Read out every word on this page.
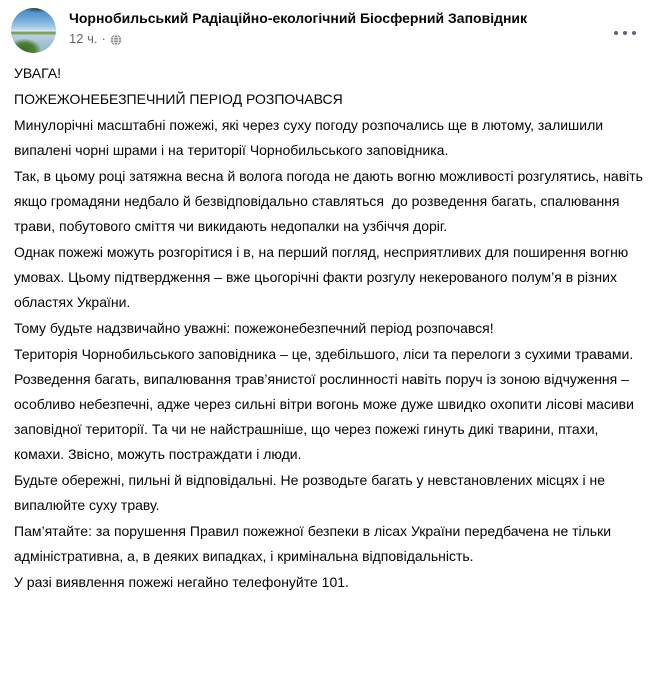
Чорнобильський Радіаційно-екологічний Біосферний Заповідник
12 ч. ·

УВАГА!

ПОЖЕЖОНЕБЕЗПЕЧНИЙ ПЕРІОД РОЗПОЧАВСЯ

Минулорічні масштабні пожежі, які через суху погоду розпочались ще в лютому, залишили випалені чорні шрами і на території Чорнобильського заповідника.

Так, в цьому році затяжна весна й волога погода не дають вогню можливості розгулятись, навіть якщо громадяни недбало й безвідповідально ставляться  до розведення багать, спалювання трави, побутового сміття чи викидають недопалки на узбіччя доріг.

Однак пожежі можуть розгорітися і в, на перший погляд, несприятливих для поширення вогню умовах. Цьому підтвердження – вже цьогорічні факти розгулу некерованого полум’я в різних областях України.

Тому будьте надзвичайно уважні: пожежонебезпечний період розпочався!

Територія Чорнобильського заповідника – це, здебільшого, ліси та перелоги з сухими травами. Розведення багать, випалювання трав’янистої рослинності навіть поруч із зоною відчуження – особливо небезпечні, адже через сильні вітри вогонь може дуже швидко охопити лісові масиви заповідної території. Та чи не найстрашніше, що через пожежі гинуть дикі тварини, птахи, комахи. Звісно, можуть постраждати і люди.

Будьте обережні, пильні й відповідальні. Не розводьте багать у невстановлених місцях і не випалюйте суху траву.

Пам’ятайте: за порушення Правил пожежної безпеки в лісах України передбачена не тільки адміністративна, а, в деяких випадках, і кримінальна відповідальність.

У разі виявлення пожежі негайно телефонуйте 101.
